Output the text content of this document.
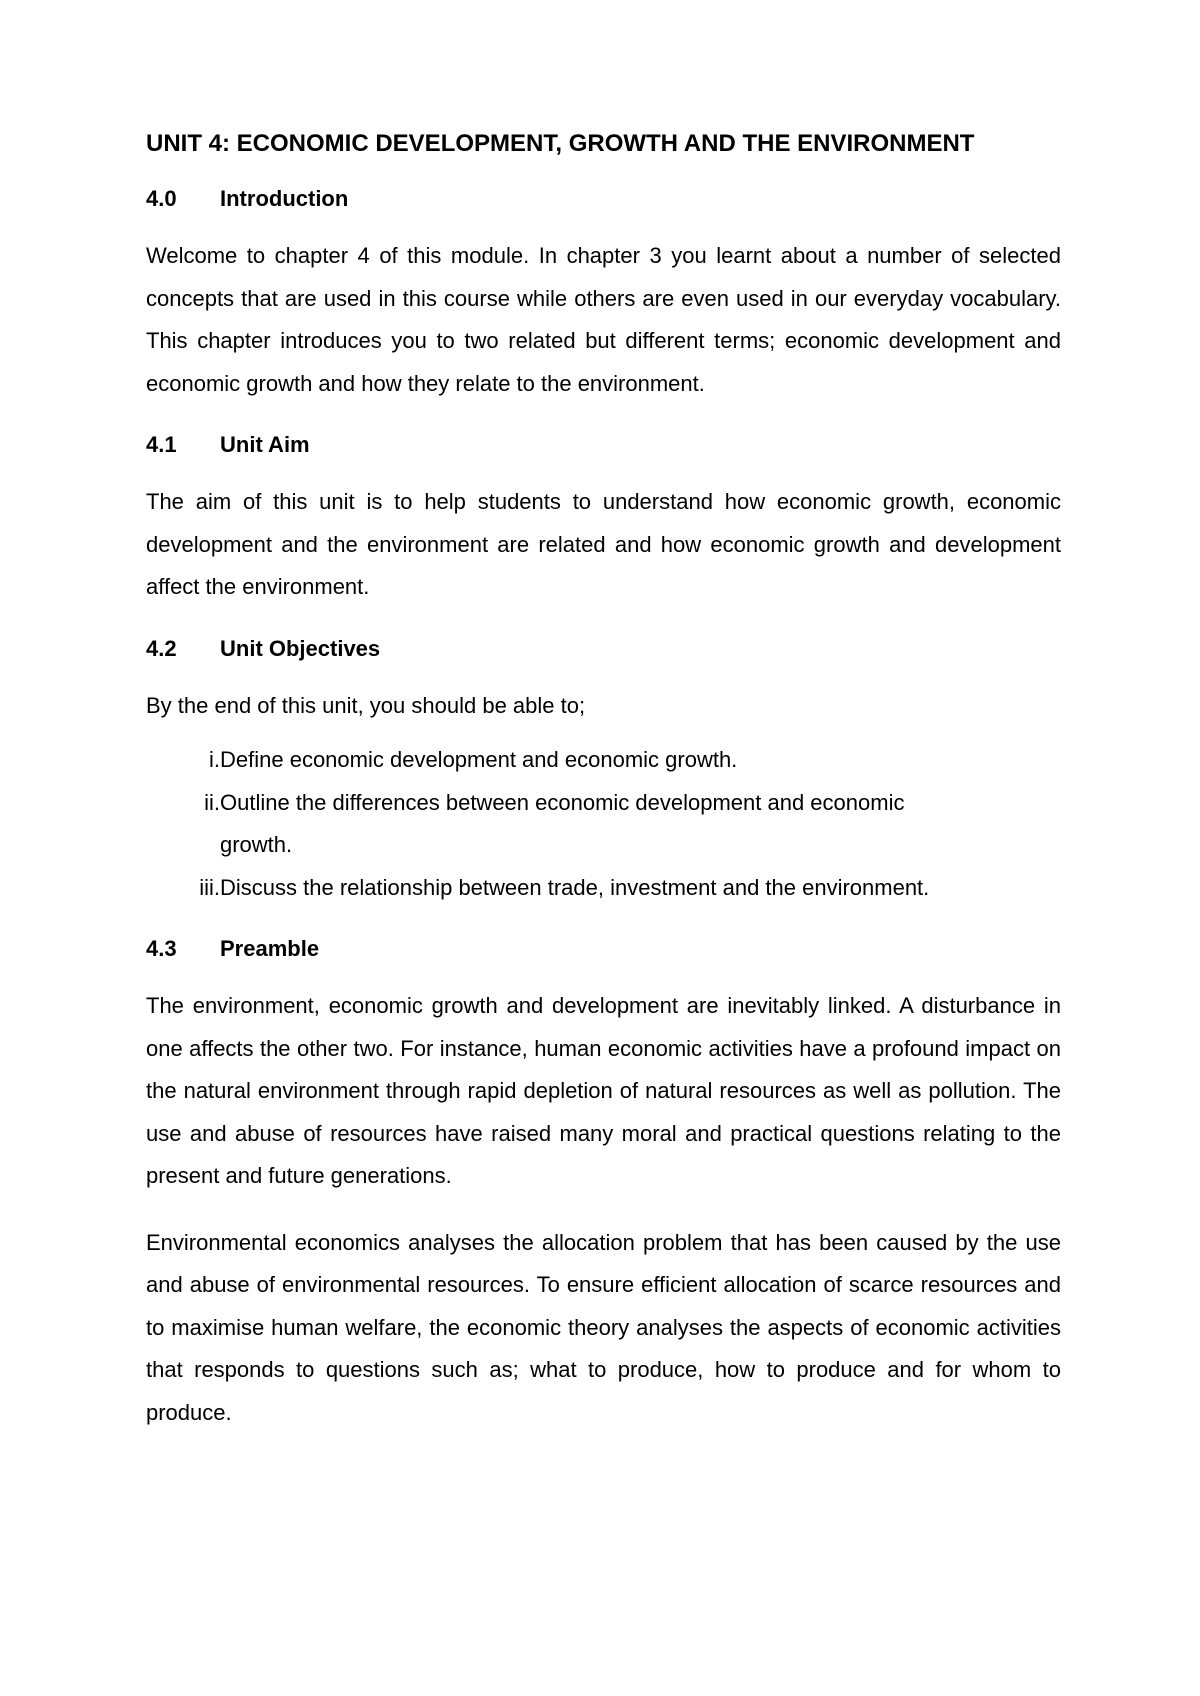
UNIT 4: ECONOMIC DEVELOPMENT, GROWTH AND THE ENVIRONMENT
4.0	Introduction

Welcome to chapter 4 of this module. In chapter 3 you learnt about a number of selected concepts that are used in this course while others are even used in our everyday vocabulary. This chapter introduces you to two related but different terms; economic development and economic growth and how they relate to the environment.

4.1	Unit Aim

The aim of this unit is to help students to understand how economic growth, economic development and the environment are related and how economic growth and development affect the environment.

4.2	Unit Objectives

By the end of this unit, you should be able to;

i. Define economic development and economic growth.
ii. Outline the differences between economic development and economic growth.
iii. Discuss the relationship between trade, investment and the environment.
4.3	Preamble

The environment, economic growth and development are inevitably linked. A disturbance in one affects the other two. For instance, human economic activities have a profound impact on the natural environment through rapid depletion of natural resources as well as pollution. The use and abuse of resources have raised many moral and practical questions relating to the present and future generations.

Environmental economics analyses the allocation problem that has been caused by the use and abuse of environmental resources. To ensure efficient allocation of scarce resources and to maximise human welfare, the economic theory analyses the aspects of economic activities that responds to questions such as; what to produce, how to produce and for whom to produce.
